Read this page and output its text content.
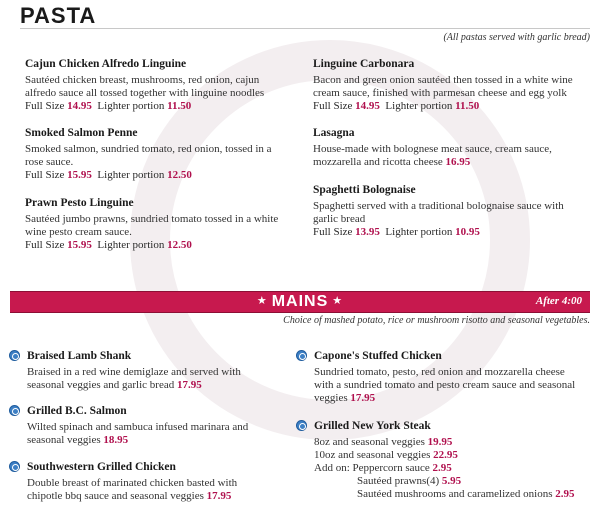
PASTA
(All pastas served with garlic bread)
Cajun Chicken Alfredo Linguine
Sautéed chicken breast, mushrooms, red onion, cajun
alfredo sauce all tossed together with linguine noodles
Full Size 14.95 Lighter portion 11.50
Smoked Salmon Penne
Smoked salmon, sundried tomato, red onion, tossed in a
rose sauce.
Full Size 15.95 Lighter portion 12.50
Prawn Pesto Linguine
Sautéed jumbo prawns, sundried tomato tossed in a white
wine pesto cream sauce.
Full Size 15.95 Lighter portion 12.50
Linguine Carbonara
Bacon and green onion sautéed then tossed in a white wine
cream sauce, finished with parmesan cheese and egg yolk
Full Size 14.95 Lighter portion 11.50
Lasagna
House-made with bolognese meat sauce, cream sauce,
mozzarella and ricotta cheese 16.95
Spaghetti Bolognaise
Spaghetti served with a traditional bolognaise sauce with
garlic bread
Full Size 13.95 Lighter portion 10.95
★ MAINS ★	After 4:00
Choice of mashed potato, rice or mushroom risotto and seasonal vegetables.
Braised Lamb Shank
Braised in a red wine demiglaze and served with
seasonal veggies and garlic bread 17.95
Grilled B.C. Salmon
Wilted spinach and sambuca infused marinara and
seasonal veggies 18.95
Southwestern Grilled Chicken
Double breast of marinated chicken basted with
chipotle bbq sauce and seasonal veggies 17.95
Capone's Stuffed Chicken
Sundried tomato, pesto, red onion and mozzarella cheese
with a sundried tomato and pesto cream sauce and seasonal
veggies 17.95
Grilled New York Steak
8oz and seasonal veggies 19.95
10oz and seasonal veggies 22.95
Add on: Peppercorn sauce 2.95
Sautéed prawns(4) 5.95
Sautéed mushrooms and caramelized onions 2.95
